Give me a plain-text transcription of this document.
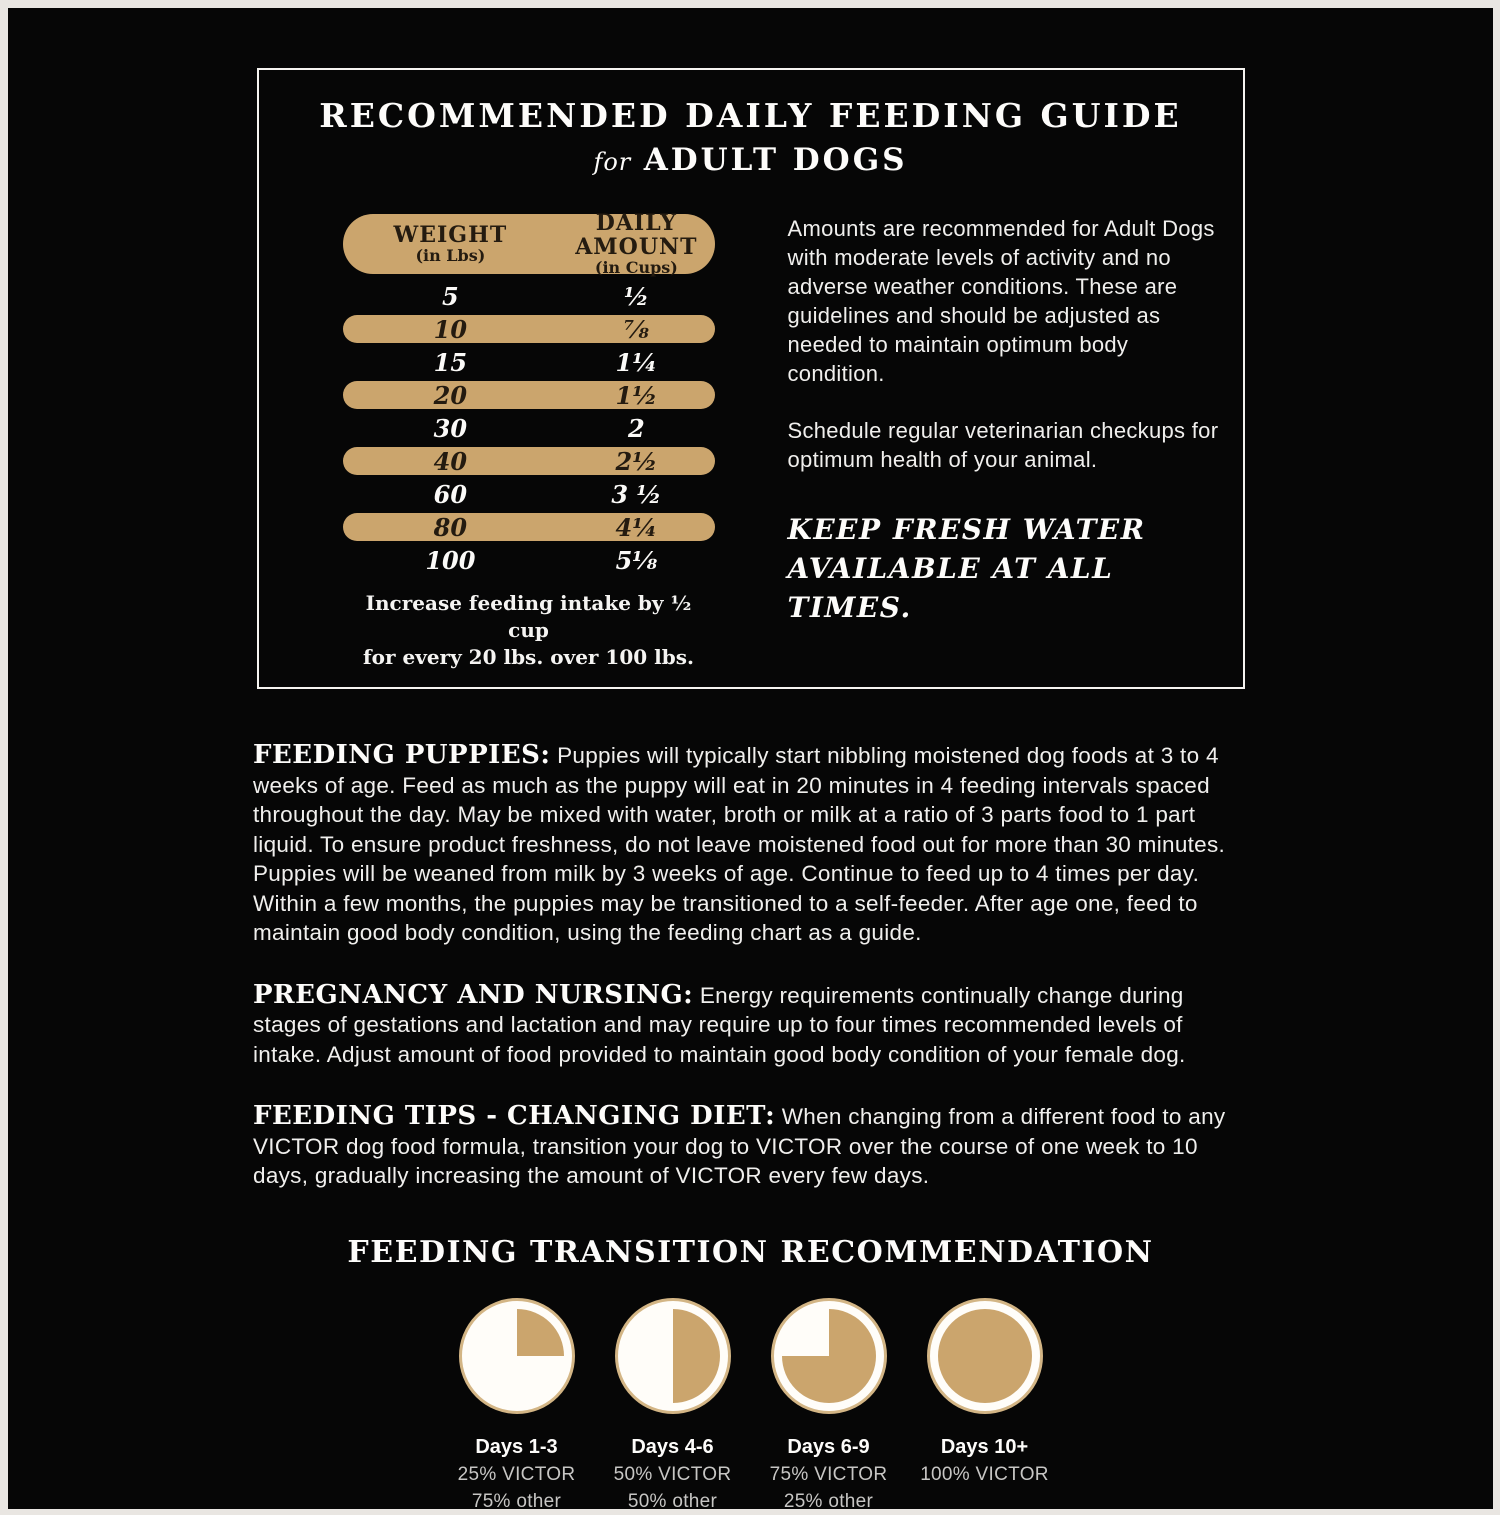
RECOMMENDED DAILY FEEDING GUIDE
for ADULT DOGS
WEIGHT
(in Lbs)
DAILY AMOUNT
(in Cups)
5	½
10	⅞
15	1¼
20	1½
30	2
40	2½
60	3 ½
80	4¼
100	5⅛
Increase feeding intake by ½ cup
for every 20 lbs. over 100 lbs.

Amounts are recommended for Adult Dogs with moderate levels of activity and no adverse weather conditions. These are guidelines and should be adjusted as needed to maintain optimum body condition.

Schedule regular veterinarian checkups for optimum health of your animal.

KEEP FRESH WATER AVAILABLE AT ALL TIMES.

FEEDING PUPPIES: Puppies will typically start nibbling moistened dog foods at 3 to 4 weeks of age. Feed as much as the puppy will eat in 20 minutes in 4 feeding intervals spaced throughout the day. May be mixed with water, broth or milk at a ratio of 3 parts food to 1 part liquid. To ensure product freshness, do not leave moistened food out for more than 30 minutes. Puppies will be weaned from milk by 3 weeks of age. Continue to feed up to 4 times per day. Within a few months, the puppies may be transitioned to a self-feeder. After age one, feed to maintain good body condition, using the feeding chart as a guide.

PREGNANCY AND NURSING: Energy requirements continually change during stages of gestations and lactation and may require up to four times recommended levels of intake. Adjust amount of food provided to maintain good body condition of your female dog.

FEEDING TIPS - CHANGING DIET: When changing from a different food to any VICTOR dog food formula, transition your dog to VICTOR over the course of one week to 10 days, gradually increasing the amount of VICTOR every few days.

FEEDING TRANSITION RECOMMENDATION
Days 1-3
25% VICTOR
75% other
Days 4-6
50% VICTOR
50% other
Days 6-9
75% VICTOR
25% other
Days 10+
100% VICTOR
